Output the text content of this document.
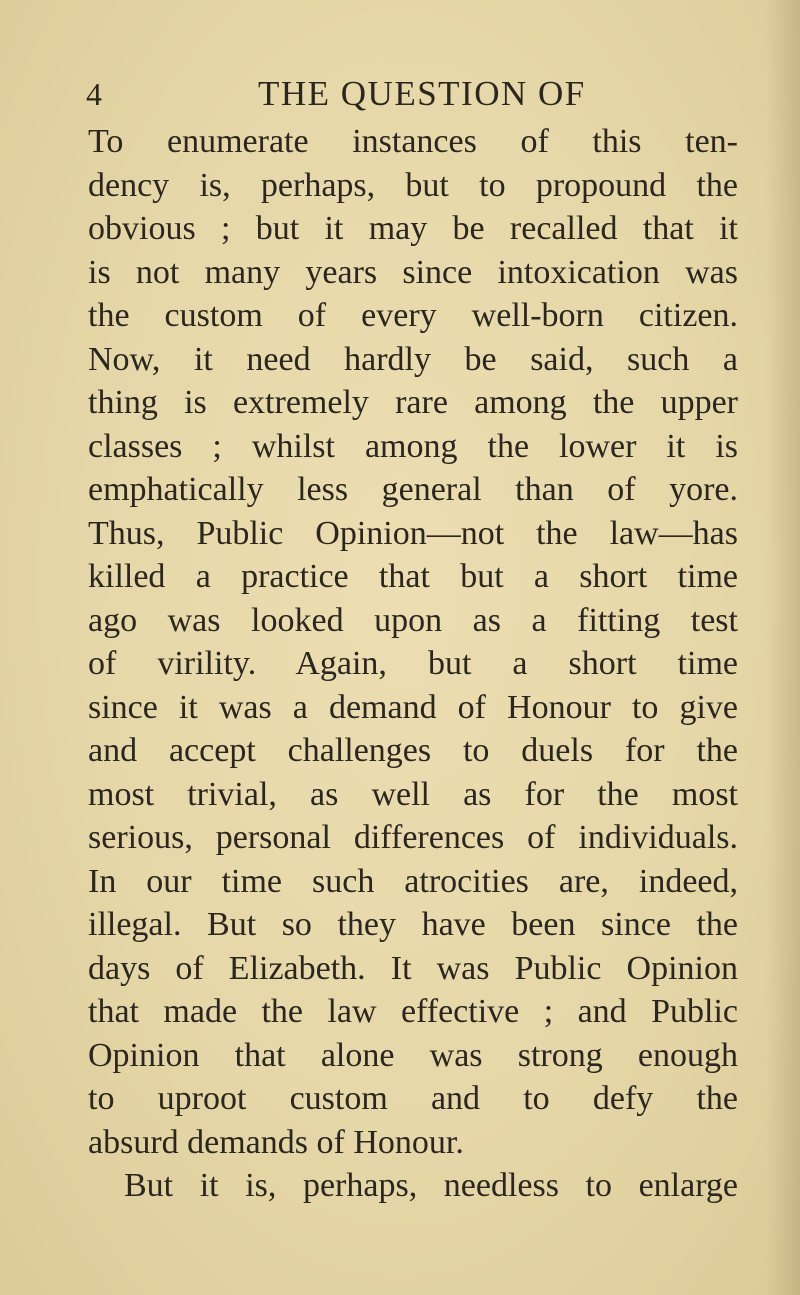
4	THE QUESTION OF
To enumerate instances of this ten-
dency is, perhaps, but to propound the
obvious ; but it may be recalled that it
is not many years since intoxication was
the custom of every well-born citizen.
Now, it need hardly be said, such a
thing is extremely rare among the upper
classes ; whilst among the lower it is
emphatically less general than of yore.
Thus, Public Opinion—not the law—has
killed a practice that but a short time
ago was looked upon as a fitting test
of virility. Again, but a short time
since it was a demand of Honour to give
and accept challenges to duels for the
most trivial, as well as for the most
serious, personal differences of individuals.
In our time such atrocities are, indeed,
illegal. But so they have been since the
days of Elizabeth. It was Public Opinion
that made the law effective ; and Public
Opinion that alone was strong enough
to uproot custom and to defy the
absurd demands of Honour.
But it is, perhaps, needless to enlarge
